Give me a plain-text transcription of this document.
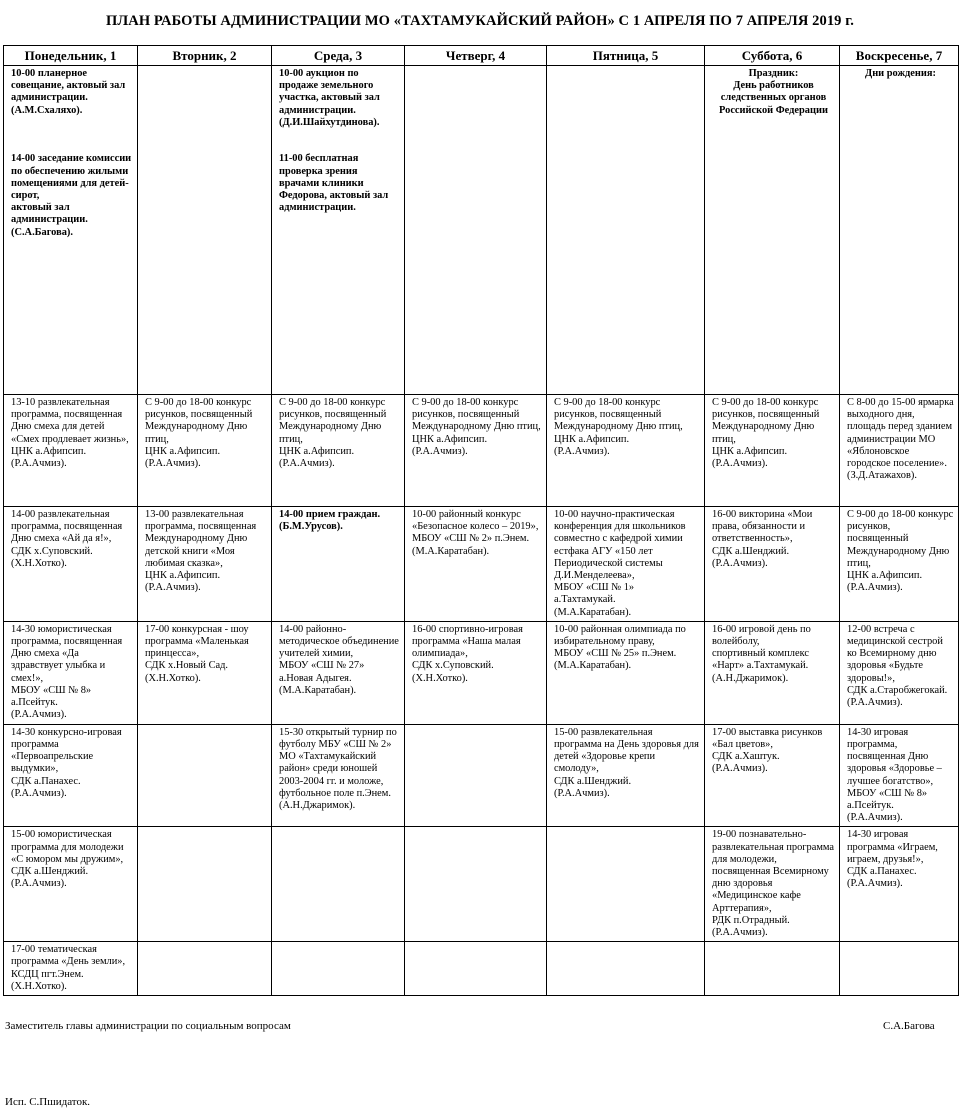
ПЛАН РАБОТЫ АДМИНИСТРАЦИИ МО «ТАХТАМУКАЙСКИЙ РАЙОН» С 1 АПРЕЛЯ ПО 7 АПРЕЛЯ 2019 г.
Понедельник, 1	Вторник, 2	Среда, 3	Четверг, 4	Пятница, 5	Суббота, 6	Воскресенье, 7
10-00 планерное совещание, актовый зал администрации.
(А.М.Схаляхо).

14-00 заседание комиссии по обеспечению жилыми помещениями для детей-сирот,
актовый зал администрации.
(С.А.Багова).		10-00 аукцион по продаже земельного участка, актовый зал администрации.
(Д.И.Шайхутдинова).

11-00 бесплатная проверка зрения врачами клиники Федорова, актовый зал администрации.			Праздник:
День работников следственных органов Российской Федерации	Дни рождения:
13-10 развлекательная программа, посвященная Дню смеха для детей «Смех продлевает жизнь»,
ЦНК а.Афипсип.
(Р.А.Ачмиз).	С 9-00 до 18-00 конкурс рисунков, посвященный Международному Дню птиц,
ЦНК а.Афипсип.
(Р.А.Ачмиз).	С 9-00 до 18-00 конкурс рисунков, посвященный Международному Дню птиц,
ЦНК а.Афипсип.
(Р.А.Ачмиз).	С 9-00 до 18-00 конкурс рисунков, посвященный Международному Дню птиц,
ЦНК а.Афипсип.
(Р.А.Ачмиз).	С 9-00 до 18-00 конкурс рисунков, посвященный Международному Дню птиц,
ЦНК а.Афипсип.
(Р.А.Ачмиз).	С 9-00 до 18-00 конкурс рисунков, посвященный Международному Дню птиц,
ЦНК а.Афипсип.
(Р.А.Ачмиз).	С 8-00 до 15-00 ярмарка выходного дня,
площадь перед зданием администрации МО «Яблоновское городское поселение».
(З.Д.Атажахов).
14-00 развлекательная программа, посвященная Дню смеха «Ай да я!»,
СДК х.Суповский.
(Х.Н.Хотко).	13-00 развлекательная программа, посвященная Международному Дню детской книги «Моя любимая сказка»,
ЦНК а.Афипсип.
(Р.А.Ачмиз).	14-00 прием граждан.
(Б.М.Урусов).	10-00 районный конкурс «Безопасное колесо – 2019»,
МБОУ «СШ № 2» п.Энем.
(М.А.Каратабан).	10-00 научно-практическая конференция для школьников совместно с кафедрой химии естфака АГУ «150 лет Периодической системы Д.И.Менделеева»,
МБОУ «СШ № 1»
а.Тахтамукай.
(М.А.Каратабан).	16-00 викторина «Мои права, обязанности и ответственность»,
СДК а.Шенджий.
(Р.А.Ачмиз).	С 9-00 до 18-00 конкурс рисунков, посвященный Международному Дню птиц,
ЦНК а.Афипсип.
(Р.А.Ачмиз).
14-30 юмористическая программа, посвященная Дню смеха «Да здравствует улыбка и смех!»,
МБОУ «СШ № 8»
а.Псейтук.
(Р.А.Ачмиз).	17-00 конкурсная - шоу программа «Маленькая принцесса»,
СДК х.Новый Сад.
(Х.Н.Хотко).	14-00 районно-методическое объединение учителей химии,
МБОУ «СШ № 27»
а.Новая Адыгея.
(М.А.Каратабан).	16-00 спортивно-игровая программа «Наша малая олимпиада»,
СДК х.Суповский.
(Х.Н.Хотко).	10-00 районная олимпиада по избирательному праву,
МБОУ «СШ № 25» п.Энем.
(М.А.Каратабан).	16-00 игровой день по волейболу,
спортивный комплекс «Нарт» а.Тахтамукай.
(А.Н.Джаримок).	12-00 встреча с медицинской сестрой ко Всемирному дню здоровья «Будьте здоровы!»,
СДК а.Старобжегокай.
(Р.А.Ачмиз).
14-30 конкурсно-игровая программа «Первоапрельские выдумки»,
СДК а.Панахес.
(Р.А.Ачмиз).		15-30 открытый турнир по футболу МБУ «СШ № 2» МО «Тахтамукайский район» среди юношей 2003-2004 гг. и моложе, футбольное поле п.Энем.
(А.Н.Джаримок).		15-00 развлекательная программа на День здоровья для детей «Здоровье крепи смолоду»,
СДК а.Шенджий.
(Р.А.Ачмиз).	17-00 выставка рисунков «Бал цветов»,
СДК а.Хаштук.
(Р.А.Ачмиз).	14-30 игровая программа, посвященная Дню здоровья «Здоровье – лучшее богатство»,
МБОУ «СШ № 8»
а.Псейтук.
(Р.А.Ачмиз).
15-00 юмористическая программа для молодежи «С юмором мы дружим»,
СДК а.Шенджий.
(Р.А.Ачмиз).					19-00 познавательно-развлекательная программа для молодежи, посвященная Всемирному дню здоровья «Медицинское кафе Арттерапия»,
РДК п.Отрадный.
(Р.А.Ачмиз).	14-30 игровая программа «Играем, играем, друзья!»,
СДК а.Панахес.
(Р.А.Ачмиз).
17-00 тематическая программа «День земли»,
КСДЦ пгт.Энем.
(Х.Н.Хотко).						
Заместитель главы администрации по социальным вопросам	С.А.Багова
Исп. С.Пшидаток.
